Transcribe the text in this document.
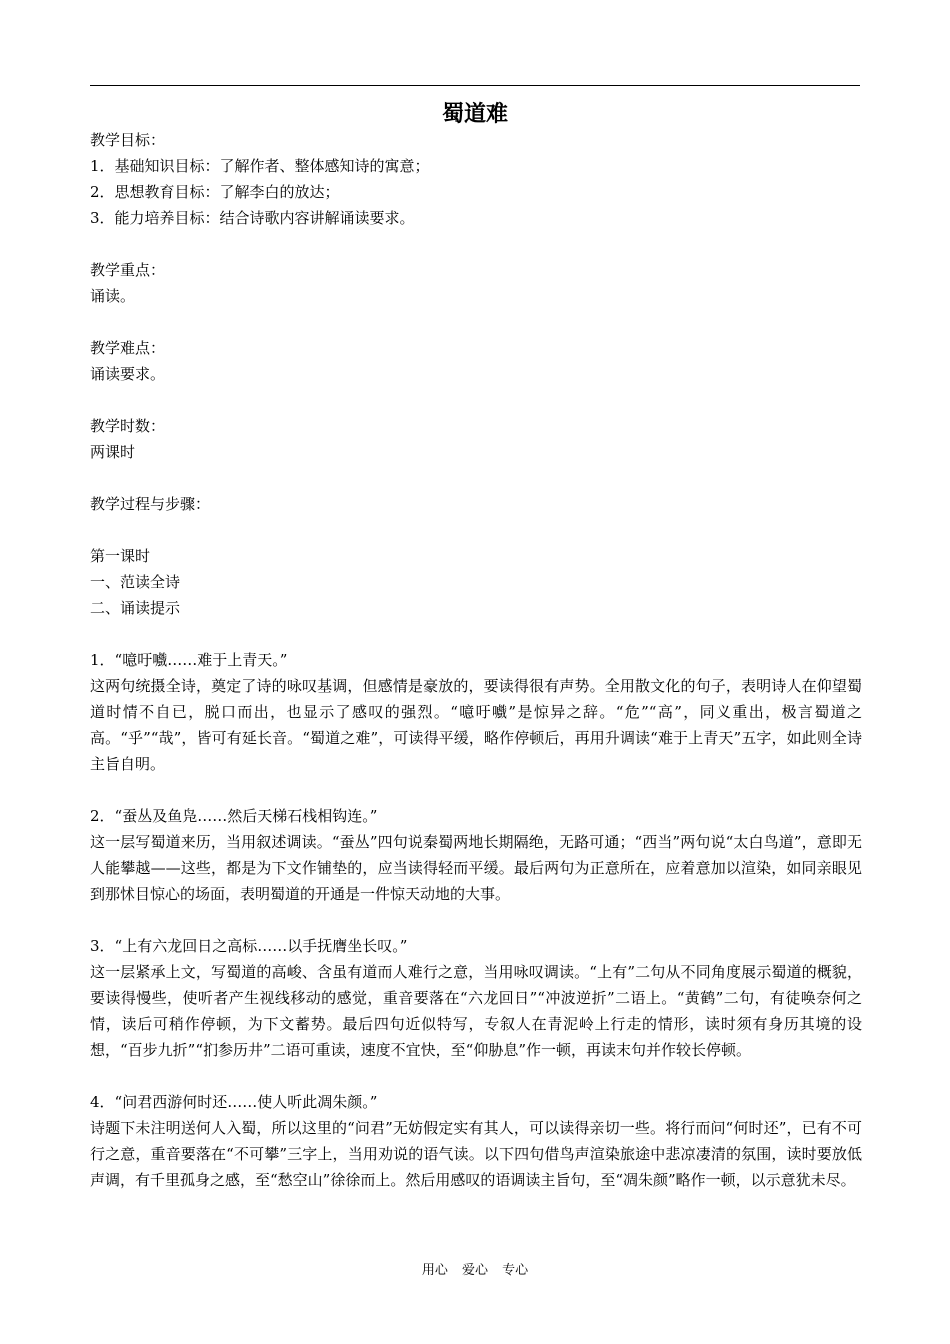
蜀道难

教学目标：

1．基础知识目标：了解作者、整体感知诗的寓意；

2．思想教育目标：了解李白的放达；

3．能力培养目标：结合诗歌内容讲解诵读要求。

教学重点：

诵读。

教学难点：

诵读要求。

教学时数：

两课时

教学过程与步骤：

第一课时

一、范读全诗

二、诵读提示

1．“噫吁嚱……难于上青天。”

这两句统摄全诗，奠定了诗的咏叹基调，但感情是豪放的，要读得很有声势。全用散文化的句子，表明诗人在仰望蜀道时情不自已，脱口而出，也显示了感叹的强烈。“噫吁嚱”是惊异之辞。“危”“高”，同义重出，极言蜀道之高。“乎”“哉”，皆可有延长音。“蜀道之难”，可读得平缓，略作停顿后，再用升调读“难于上青天”五字，如此则全诗主旨自明。

2．“蚕丛及鱼凫……然后天梯石栈相钩连。”

这一层写蜀道来历，当用叙述调读。“蚕丛”四句说秦蜀两地长期隔绝，无路可通；“西当”两句说“太白鸟道”，意即无人能攀越——这些，都是为下文作铺垫的，应当读得轻而平缓。最后两句为正意所在，应着意加以渲染，如同亲眼见到那怵目惊心的场面，表明蜀道的开通是一件惊天动地的大事。

3．“上有六龙回日之高标……以手抚膺坐长叹。”

这一层紧承上文，写蜀道的高峻、含虽有道而人难行之意，当用咏叹调读。“上有”二句从不同角度展示蜀道的概貌，要读得慢些，使听者产生视线移动的感觉，重音要落在“六龙回日”“冲波逆折”二语上。“黄鹤”二句，有徒唤奈何之情，读后可稍作停顿，为下文蓄势。最后四句近似特写，专叙人在青泥岭上行走的情形，读时须有身历其境的设想，“百步九折”“扪参历井”二语可重读，速度不宜快，至“仰胁息”作一顿，再读末句并作较长停顿。

4．“问君西游何时还……使人听此凋朱颜。”

诗题下未注明送何人入蜀，所以这里的“问君”无妨假定实有其人，可以读得亲切一些。将行而问“何时还”，已有不可行之意，重音要落在“不可攀”三字上，当用劝说的语气读。以下四句借鸟声渲染旅途中悲凉凄清的氛围，读时要放低声调，有千里孤身之感，至“愁空山”徐徐而上。然后用感叹的语调读主旨句，至“凋朱颜”略作一顿，以示意犹未尽。

用心 爱心 专心
